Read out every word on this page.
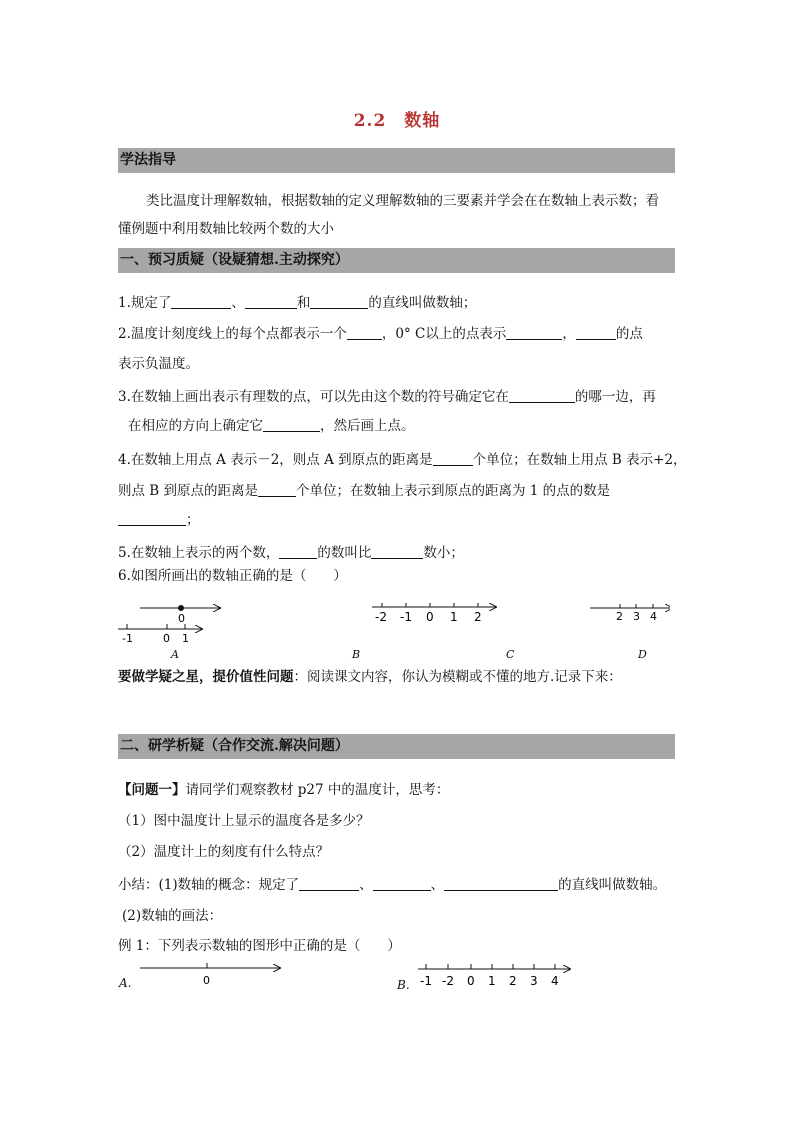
2.2　数轴
学法指导
类比温度计理解数轴，根据数轴的定义理解数轴的三要素并学会在在数轴上表示数；看
懂例题中利用数轴比较两个数的大小
一、预习质疑（设疑猜想.主动探究）
1.规定了	、	和	的直线叫做数轴；
2.温度计刻度线上的每个点都表示一个	，0° C以上的点表示	，	的点
表示负温度。
3.在数轴上画出表示有理数的点，可以先由这个数的符号确定它在	的哪一边，再
在相应的方向上确定它	，然后画上点。
4.在数轴上用点 A 表示－2，则点 A 到原点的距离是	个单位；在数轴上用点 B 表示+2，
则点 B 到原点的距离是	个单位；在数轴上表示到原点的距离为 1 的点的数是
；
5.在数轴上表示的两个数，	的数叫比	数小；
6.如图所画出的数轴正确的是（　　）
0
-1	0 1
-2 -1 0 1 2	2 3 4
A	B	C	D
要做学疑之星，提价值性问题：阅读课文内容，你认为模糊或不懂的地方.记录下来：
二、研学析疑（合作交流.解决问题）
【问题一】请同学们观察教材 p27 中的温度计，思考：
（1）图中温度计上显示的温度各是多少？
（2）温度计上的刻度有什么特点？
小结：(1)数轴的概念：规定了	、	、	的直线叫做数轴。
(2)数轴的画法：
例 1：下列表示数轴的图形中正确的是（　　）
A.	B.
0	-1 -2 0 1 2 3 4
